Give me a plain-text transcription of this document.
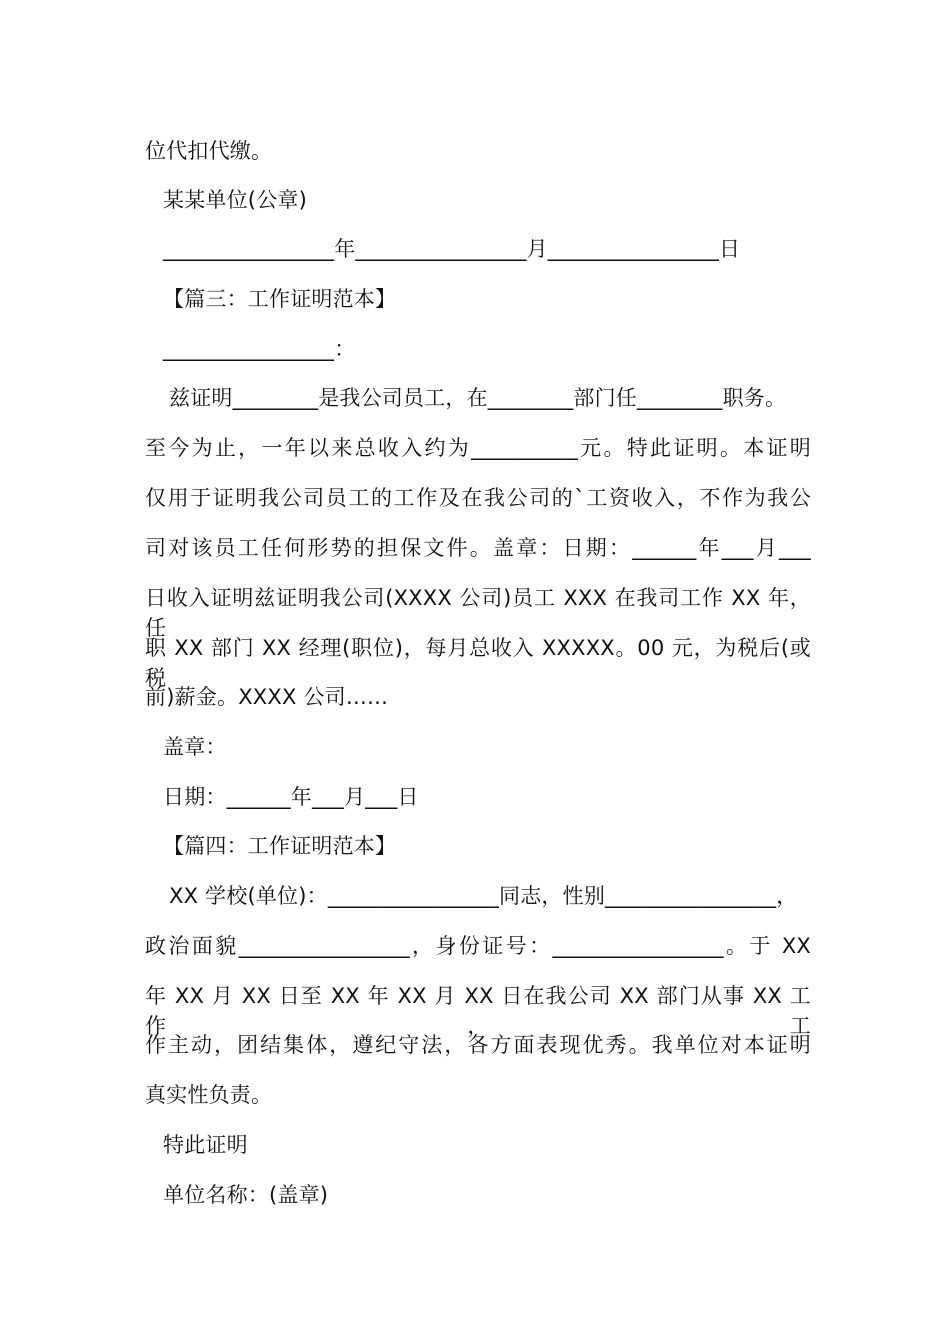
位代扣代缴。
某某单位(公章)
________________年________________月________________日
【篇三：工作证明范本】
________________：
兹证明________是我公司员工，在________部门任________职务。
至今为止，一年以来总收入约为__________元。特此证明。本证明
仅用于证明我公司员工的工作及在我公司的`工资收入，不作为我公
司对该员工任何形势的担保文件。盖章：日期：______年___月___
日收入证明兹证明我公司(XXXX 公司)员工 XXX 在我司工作 XX 年，任
职 XX 部门 XX 经理(职位)，每月总收入 XXXXX。00 元，为税后(或税
前)薪金。XXXX 公司……
盖章：
日期：______年___月___日
【篇四：工作证明范本】
XX 学校(单位)：________________同志，性别________________，
政治面貌________________，身份证号：________________。于 XX
年 XX 月 XX 日至 XX 年 XX 月 XX 日在我公司 XX 部门从事 XX 工作，工
作主动，团结集体，遵纪守法，各方面表现优秀。我单位对本证明
真实性负责。
特此证明
单位名称：(盖章)
